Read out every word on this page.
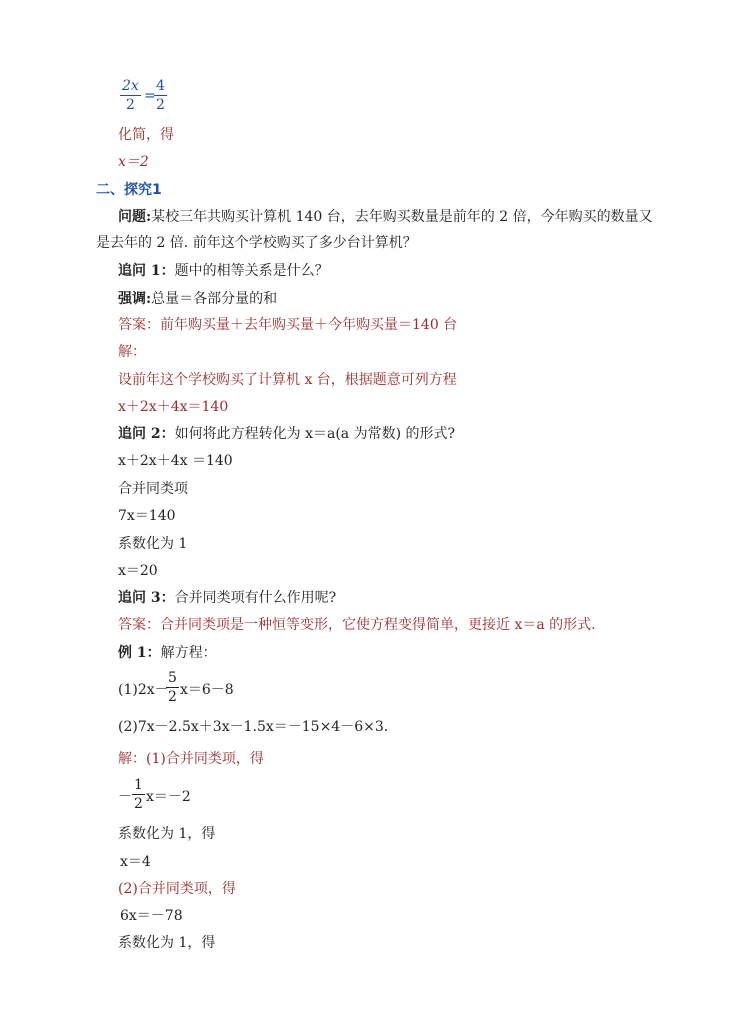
2x
2
=
4
2
化简，得
x＝2
二、探究1
问题:某校三年共购买计算机 140 台，去年购买数量是前年的 2 倍，今年购买的数量又
是去年的 2 倍. 前年这个学校购买了多少台计算机？
追问 1：题中的相等关系是什么？
强调:总量＝各部分量的和
答案：前年购买量＋去年购买量＋今年购买量＝140 台
解：
设前年这个学校购买了计算机 x 台，根据题意可列方程
x＋2x＋4x＝140
追问 2：如何将此方程转化为 x＝a(a 为常数) 的形式?
x＋2x＋4x ＝140
合并同类项
7x＝140
系数化为 1
x＝20
追问 3：合并同类项有什么作用呢?
答案：合并同类项是一种恒等变形，它使方程变得简单，更接近 x＝a 的形式.
例 1：解方程：
(1)2x－
5
2 x＝6－8
(2)7x－2.5x＋3x－1.5x＝－15×4－6×3.
解：(1)合并同类项，得
－
1
2 x＝－2
系数化为 1，得
x＝4
(2)合并同类项，得
6x＝－78
系数化为 1，得
